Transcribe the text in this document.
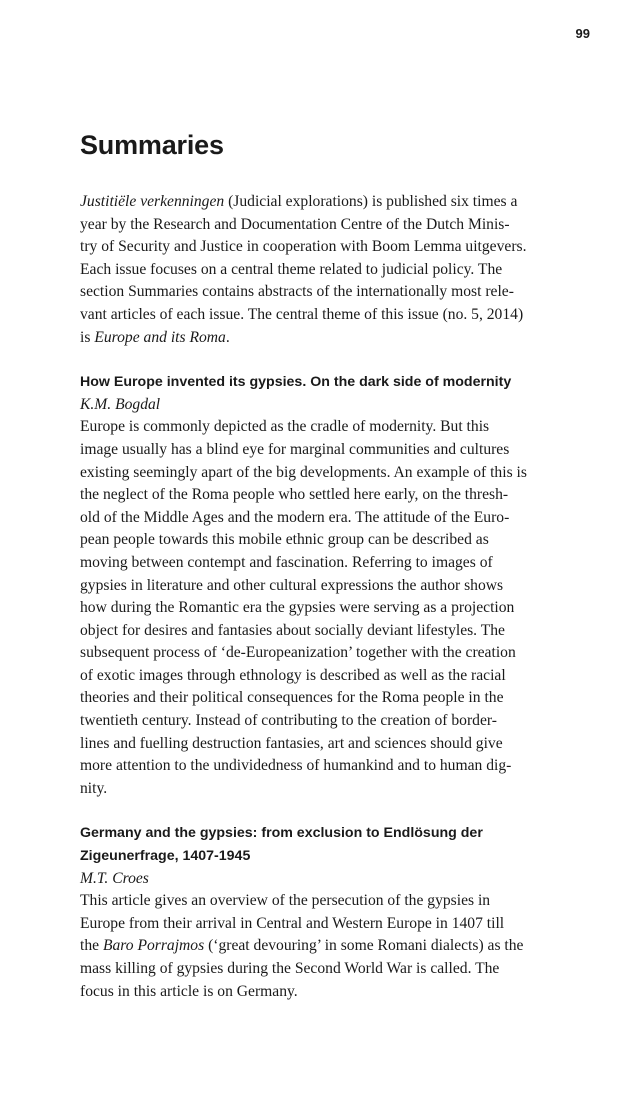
99
Summaries
Justitiële verkenningen (Judicial explorations) is published six times a
year by the Research and Documentation Centre of the Dutch Minis-
try of Security and Justice in cooperation with Boom Lemma uitgevers.
Each issue focuses on a central theme related to judicial policy. The
section Summaries contains abstracts of the internationally most rele-
vant articles of each issue. The central theme of this issue (no. 5, 2014)
is Europe and its Roma.
How Europe invented its gypsies. On the dark side of modernity
K.M. Bogdal
Europe is commonly depicted as the cradle of modernity. But this
image usually has a blind eye for marginal communities and cultures
existing seemingly apart of the big developments. An example of this is
the neglect of the Roma people who settled here early, on the thresh-
old of the Middle Ages and the modern era. The attitude of the Euro-
pean people towards this mobile ethnic group can be described as
moving between contempt and fascination. Referring to images of
gypsies in literature and other cultural expressions the author shows
how during the Romantic era the gypsies were serving as a projection
object for desires and fantasies about socially deviant lifestyles. The
subsequent process of ‘de-Europeanization’ together with the creation
of exotic images through ethnology is described as well as the racial
theories and their political consequences for the Roma people in the
twentieth century. Instead of contributing to the creation of border-
lines and fuelling destruction fantasies, art and sciences should give
more attention to the undividedness of humankind and to human dig-
nity.
Germany and the gypsies: from exclusion to Endlösung der
Zigeunerfrage, 1407-1945
M.T. Croes
This article gives an overview of the persecution of the gypsies in
Europe from their arrival in Central and Western Europe in 1407 till
the Baro Porrajmos (‘great devouring’ in some Romani dialects) as the
mass killing of gypsies during the Second World War is called. The
focus in this article is on Germany.
